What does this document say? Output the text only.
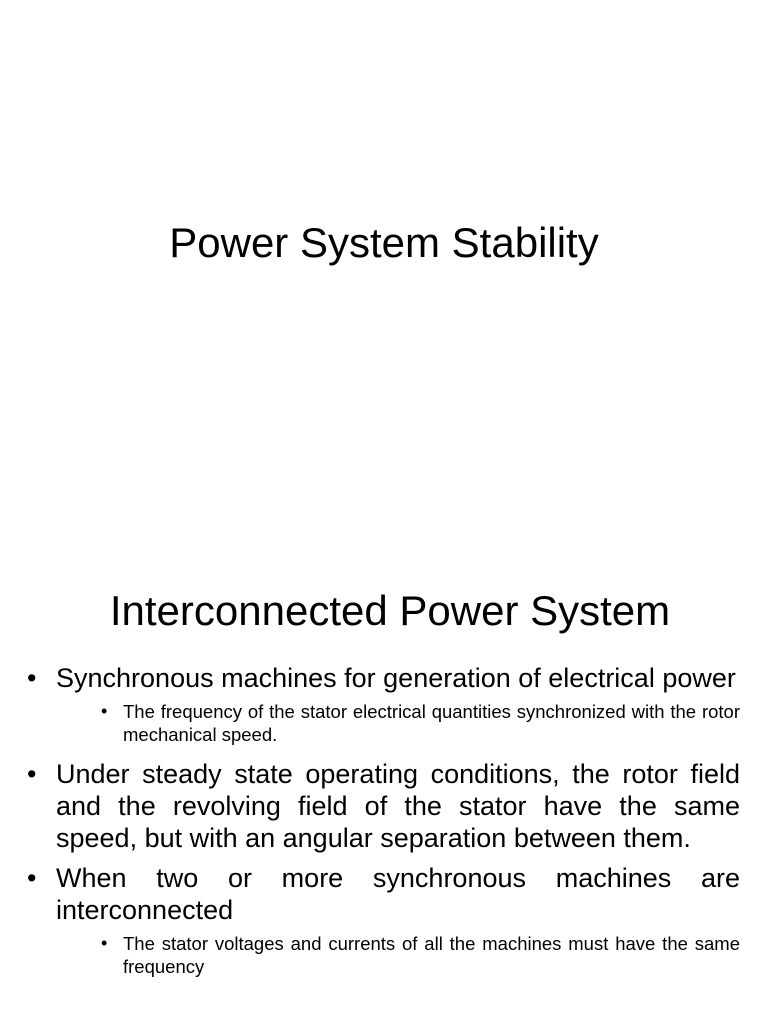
Power System Stability
Interconnected Power System
• Synchronous machines for generation of electrical power
• The frequency of the stator electrical quantities synchronized with the rotor mechanical speed.
• Under steady state operating conditions, the rotor field and the revolving field of the stator have the same speed, but with an angular separation between them.
• When two or more synchronous machines are interconnected
• The stator voltages and currents of all the machines must have the same frequency
